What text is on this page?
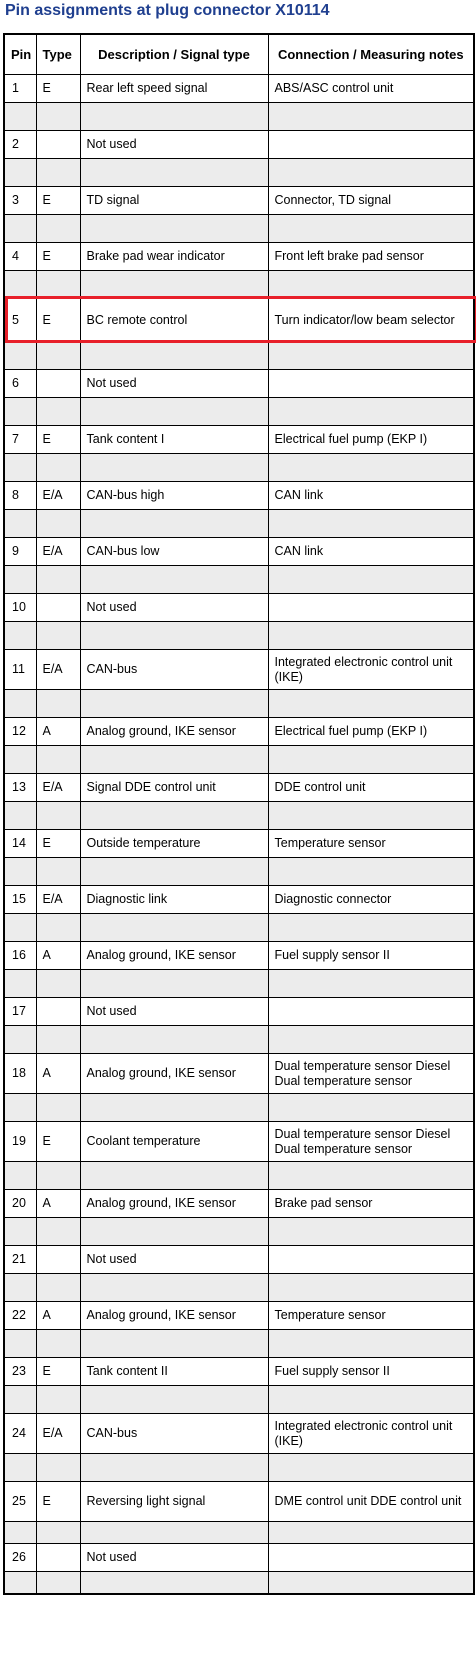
Pin assignments at plug connector X10114
Pin	Type	Description / Signal type	Connection / Measuring notes
1	E	Rear left speed signal	ABS/ASC control unit

2		Not used	

3	E	TD signal	Connector, TD signal

4	E	Brake pad wear indicator	Front left brake pad sensor

5	E	BC remote control	Turn indicator/low beam selector

6		Not used	

7	E	Tank content I	Electrical fuel pump (EKP I)

8	E/A	CAN-bus high	CAN link

9	E/A	CAN-bus low	CAN link

10		Not used	

11	E/A	CAN-bus	Integrated electronic control unit (IKE)

12	A	Analog ground, IKE sensor	Electrical fuel pump (EKP I)

13	E/A	Signal DDE control unit	DDE control unit

14	E	Outside temperature	Temperature sensor

15	E/A	Diagnostic link	Diagnostic connector

16	A	Analog ground, IKE sensor	Fuel supply sensor II

17		Not used	

18	A	Analog ground, IKE sensor	Dual temperature sensor Diesel Dual temperature sensor

19	E	Coolant temperature	Dual temperature sensor Diesel Dual temperature sensor

20	A	Analog ground, IKE sensor	Brake pad sensor

21		Not used	

22	A	Analog ground, IKE sensor	Temperature sensor

23	E	Tank content II	Fuel supply sensor II

24	E/A	CAN-bus	Integrated electronic control unit (IKE)

25	E	Reversing light signal	DME control unit DDE control unit

26		Not used	
